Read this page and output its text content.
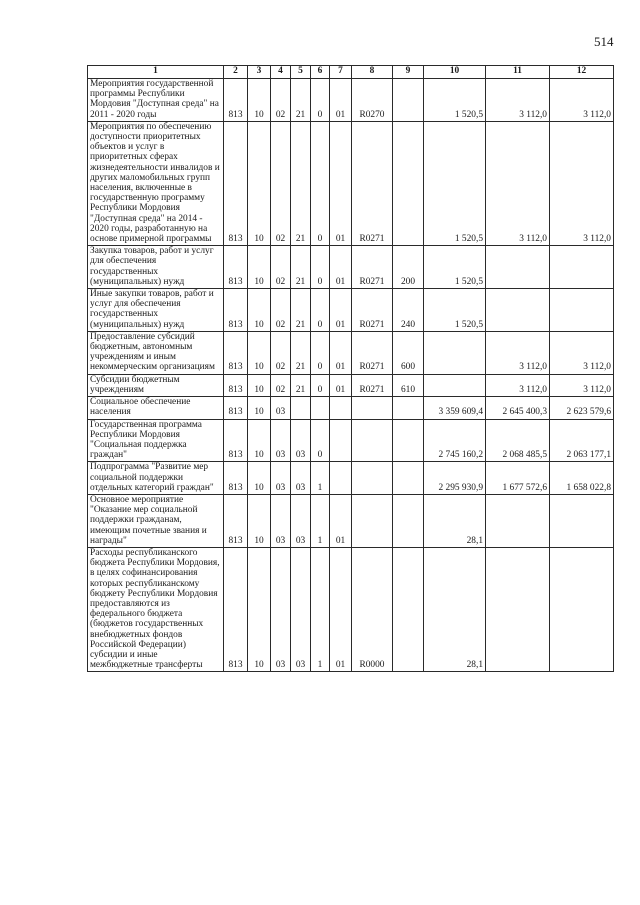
514
1	2	3	4	5	6	7	8	9	10	11	12
Мероприятия государственной программы Республики Мордовия "Доступная среда" на 2011 - 2020 годы	813	10	02	21	0	01	R0270		1 520,5	3 112,0	3 112,0
Мероприятия по обеспечению доступности приоритетных объектов и услуг в приоритетных сферах жизнедеятельности инвалидов и других маломобильных групп населения, включенные в государственную программу Республики Мордовия "Доступная среда" на 2014 - 2020 годы, разработанную на основе примерной программы	813	10	02	21	0	01	R0271		1 520,5	3 112,0	3 112,0
Закупка товаров, работ и услуг для обеспечения государственных (муниципальных) нужд	813	10	02	21	0	01	R0271	200	1 520,5		
Иные закупки товаров, работ и услуг для обеспечения государственных (муниципальных) нужд	813	10	02	21	0	01	R0271	240	1 520,5		
Предоставление субсидий бюджетным, автономным учреждениям и иным некоммерческим организациям	813	10	02	21	0	01	R0271	600		3 112,0	3 112,0
Субсидии бюджетным учреждениям	813	10	02	21	0	01	R0271	610		3 112,0	3 112,0
Социальное обеспечение населения	813	10	03						3 359 609,4	2 645 400,3	2 623 579,6
Государственная программа Республики Мордовия "Социальная поддержка граждан"	813	10	03	03	0				2 745 160,2	2 068 485,5	2 063 177,1
Подпрограмма "Развитие мер социальной поддержки отдельных категорий граждан"	813	10	03	03	1				2 295 930,9	1 677 572,6	1 658 022,8
Основное мероприятие "Оказание мер социальной поддержки гражданам, имеющим почетные звания и награды"	813	10	03	03	1	01			28,1		
Расходы республиканского бюджета Республики Мордовия, в целях софинансирования которых республиканскому бюджету Республики Мордовия предоставляются из федерального бюджета (бюджетов государственных внебюджетных фондов Российской Федерации) субсидии и иные межбюджетные трансферты	813	10	03	03	1	01	R0000		28,1		
